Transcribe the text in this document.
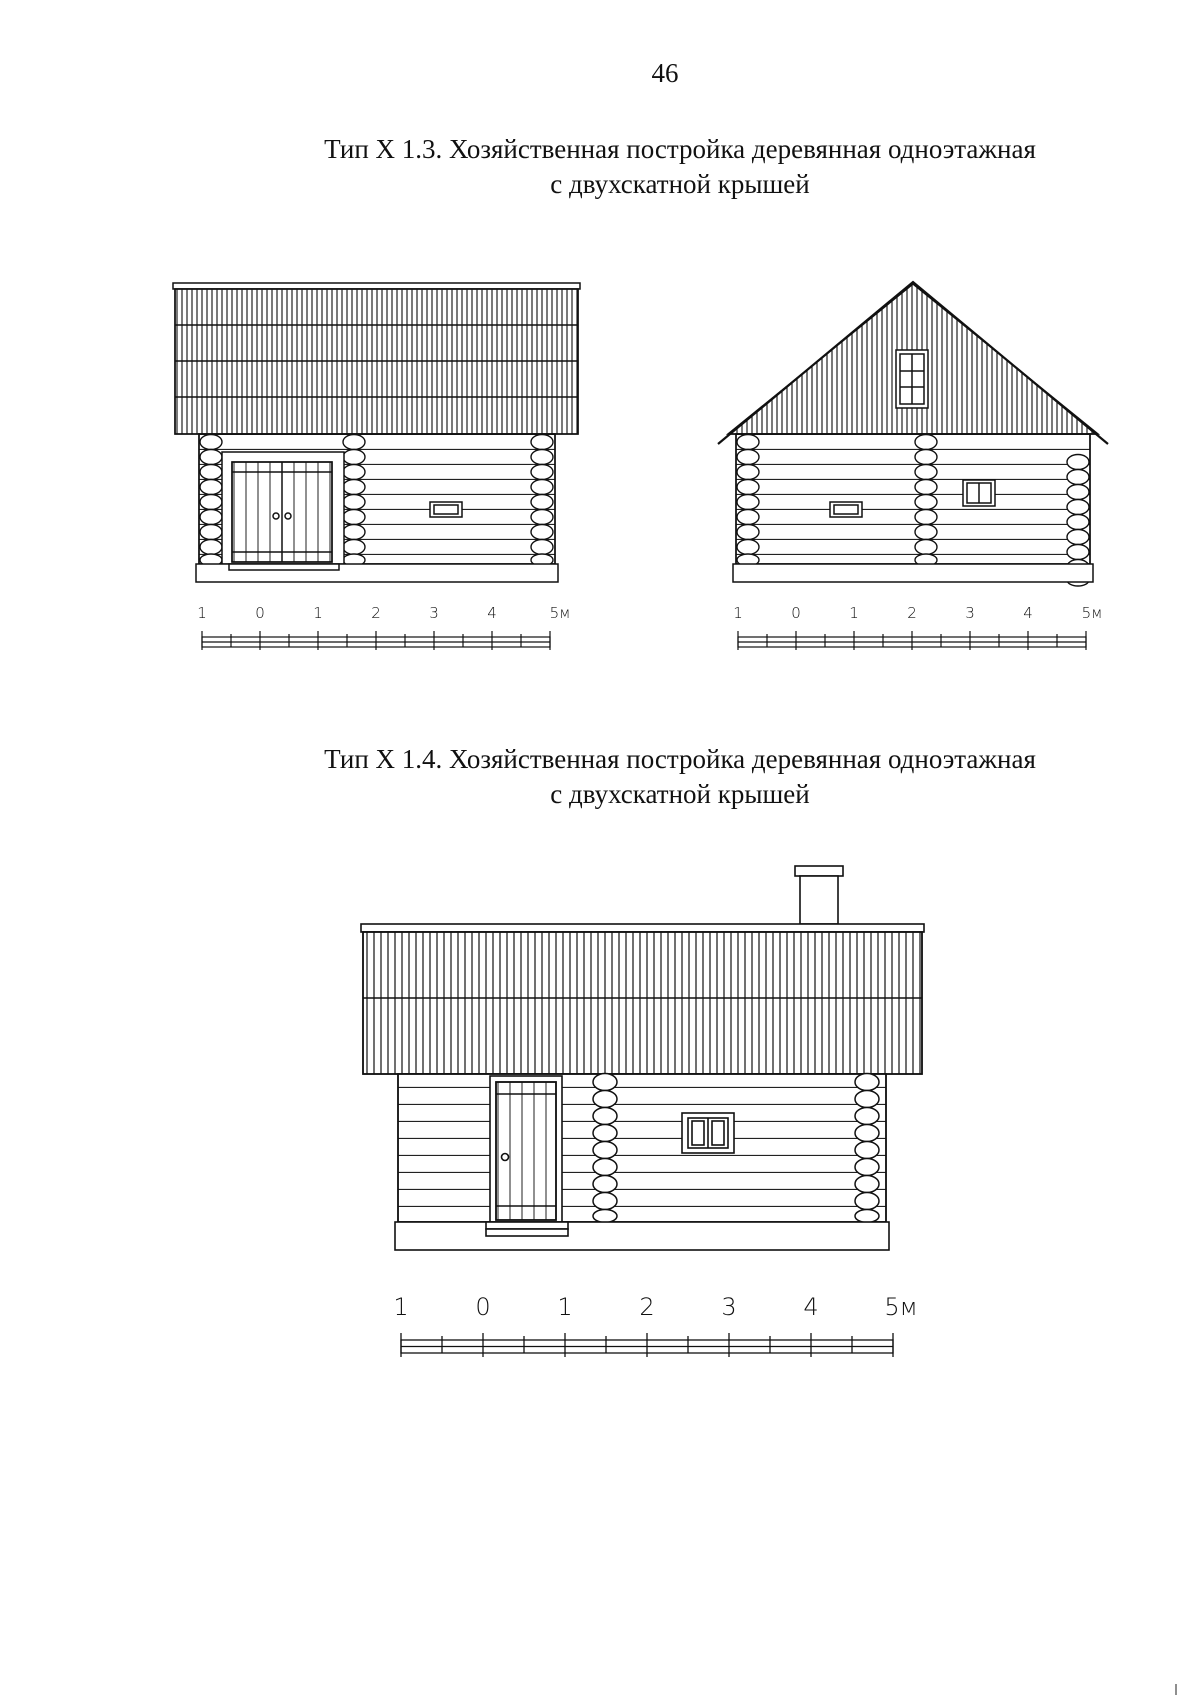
46
Тип Х 1.3. Хозяйственная постройка деревянная одноэтажная
с двухскатной крышей
Тип Х 1.4. Хозяйственная постройка деревянная одноэтажная
с двухскатной крышей
1	0	1	2	3	4	5м	1	0	1	2	3	4	5м
1	0	1	2	3	4	5м
